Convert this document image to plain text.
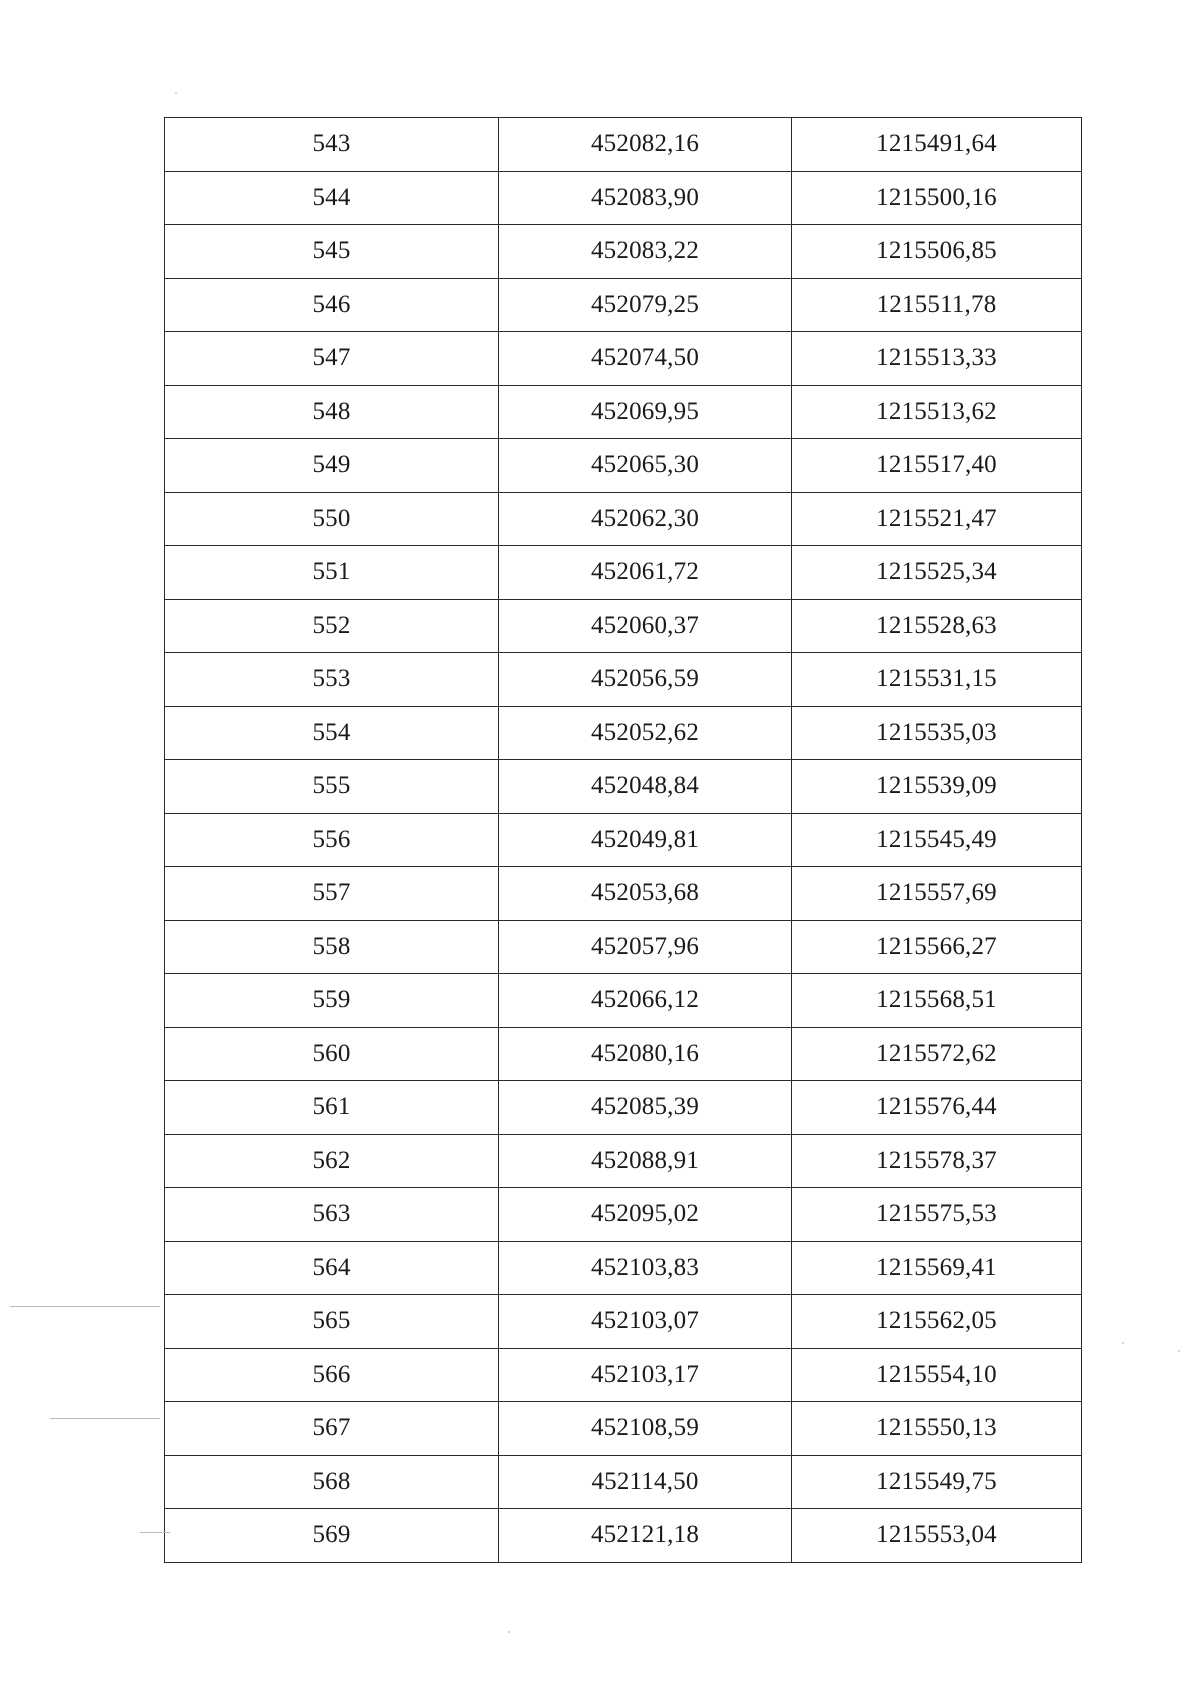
543	452082,16	1215491,64
544	452083,90	1215500,16
545	452083,22	1215506,85
546	452079,25	1215511,78
547	452074,50	1215513,33
548	452069,95	1215513,62
549	452065,30	1215517,40
550	452062,30	1215521,47
551	452061,72	1215525,34
552	452060,37	1215528,63
553	452056,59	1215531,15
554	452052,62	1215535,03
555	452048,84	1215539,09
556	452049,81	1215545,49
557	452053,68	1215557,69
558	452057,96	1215566,27
559	452066,12	1215568,51
560	452080,16	1215572,62
561	452085,39	1215576,44
562	452088,91	1215578,37
563	452095,02	1215575,53
564	452103,83	1215569,41
565	452103,07	1215562,05
566	452103,17	1215554,10
567	452108,59	1215550,13
568	452114,50	1215549,75
569	452121,18	1215553,04
